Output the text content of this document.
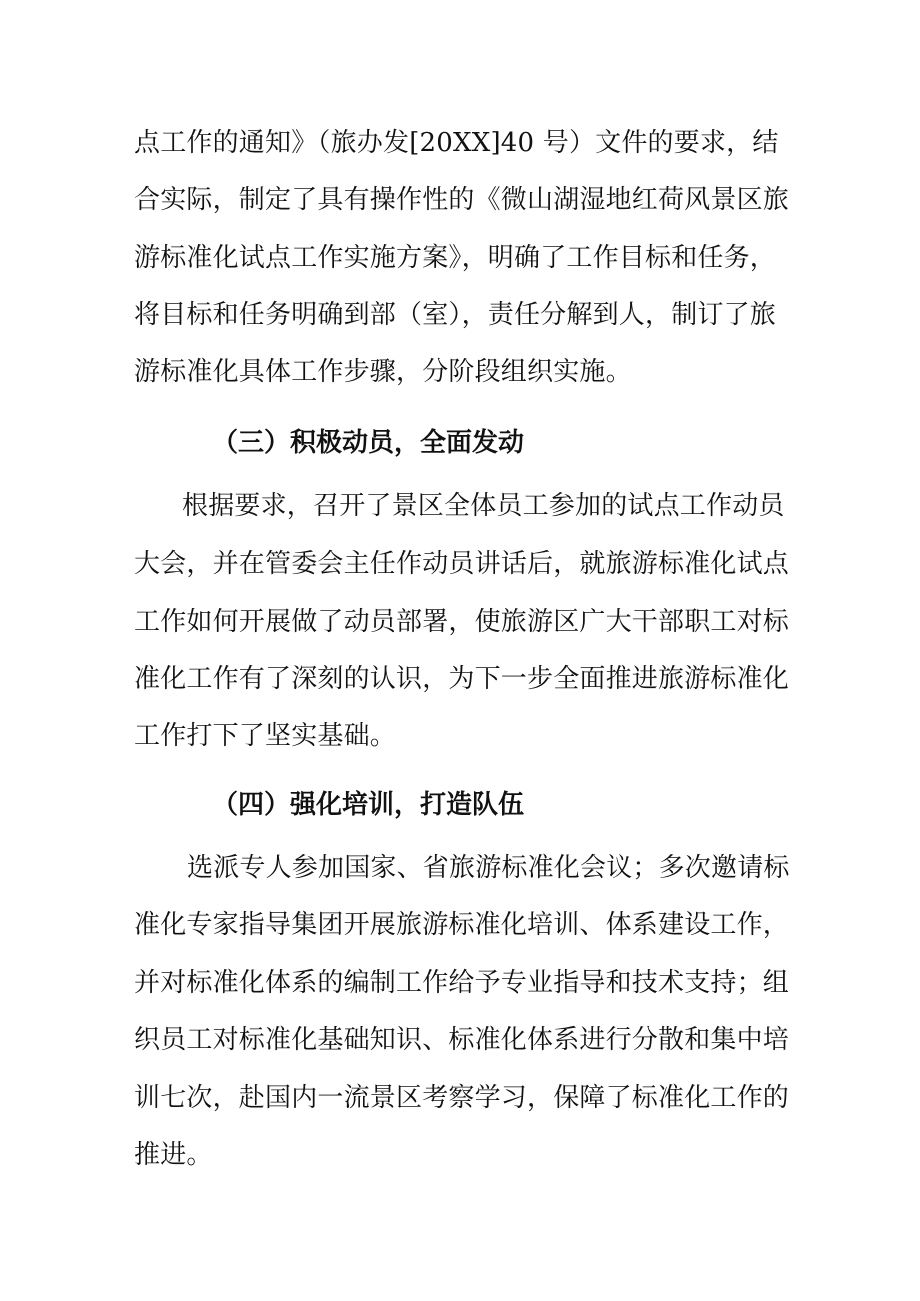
点工作的通知》（旅办发[20XX]40 号）文件的要求，结
合实际，制定了具有操作性的《微山湖湿地红荷风景区旅
游标准化试点工作实施方案》，明确了工作目标和任务，
将目标和任务明确到部（室），责任分解到人，制订了旅
游标准化具体工作步骤，分阶段组织实施。
（三）积极动员，全面发动
根据要求，召开了景区全体员工参加的试点工作动员
大会，并在管委会主任作动员讲话后，就旅游标准化试点
工作如何开展做了动员部署，使旅游区广大干部职工对标
准化工作有了深刻的认识，为下一步全面推进旅游标准化
工作打下了坚实基础。
（四）强化培训，打造队伍
选派专人参加国家、省旅游标准化会议；多次邀请标
准化专家指导集团开展旅游标准化培训、体系建设工作，
并对标准化体系的编制工作给予专业指导和技术支持；组
织员工对标准化基础知识、标准化体系进行分散和集中培
训七次，赴国内一流景区考察学习，保障了标准化工作的
推进。
